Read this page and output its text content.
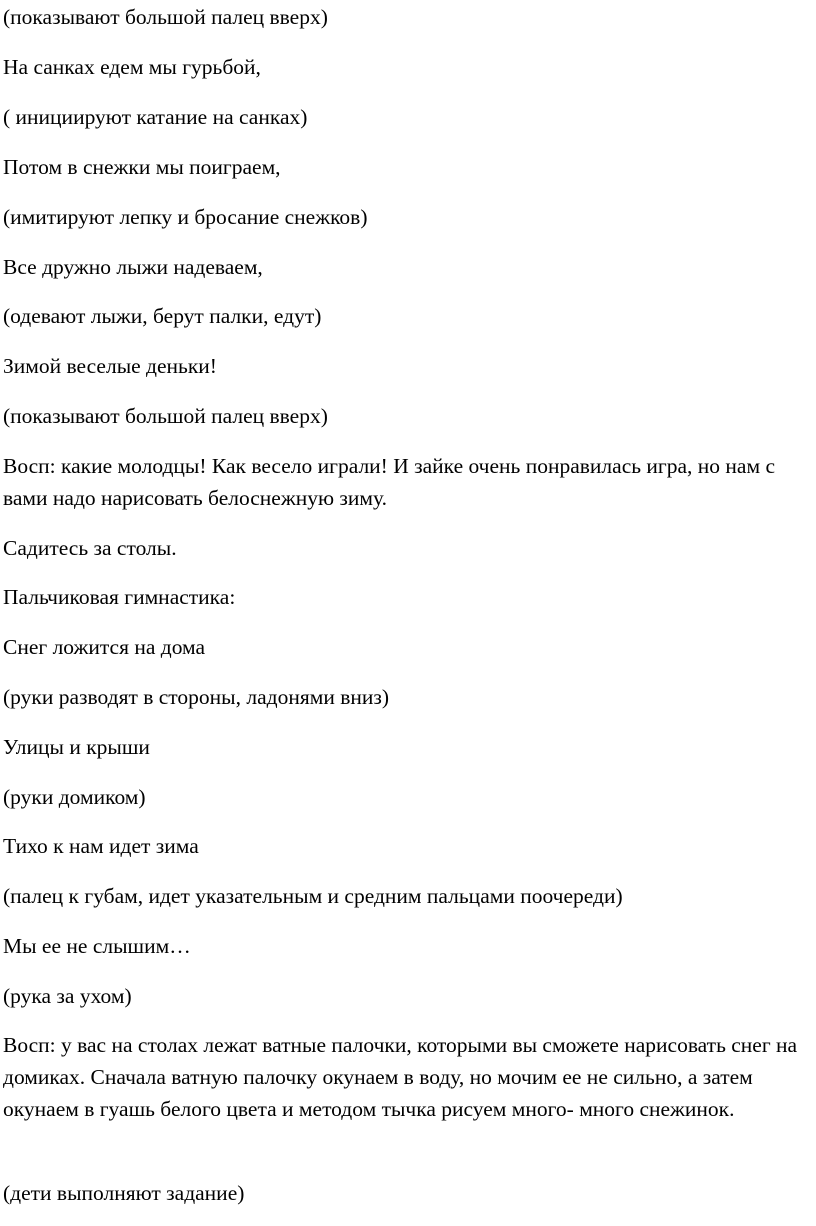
(показывают большой палец вверх)

На санках едем мы гурьбой,

( инициируют катание на санках)

Потом в снежки мы поиграем,

(имитируют лепку и бросание снежков)

Все дружно лыжи надеваем,

(одевают лыжи, берут палки, едут)

Зимой веселые деньки!

(показывают большой палец вверх)

Восп: какие молодцы! Как весело играли! И зайке очень понравилась игра, но нам с вами надо нарисовать белоснежную зиму.

Садитесь за столы.

Пальчиковая гимнастика:

Снег ложится на дома

(руки разводят в стороны, ладонями вниз)

Улицы и крыши

(руки домиком)

Тихо к нам идет зима

(палец к губам, идет указательным и средним пальцами поочереди)

Мы ее не слышим…

(рука за ухом)

Восп: у вас на столах лежат ватные палочки, которыми вы сможете нарисовать снег на домиках. Сначала ватную палочку окунаем в воду, но мочим ее не сильно, а затем окунаем в гуашь белого цвета и методом тычка рисуем много- много снежинок.

(дети выполняют задание)
